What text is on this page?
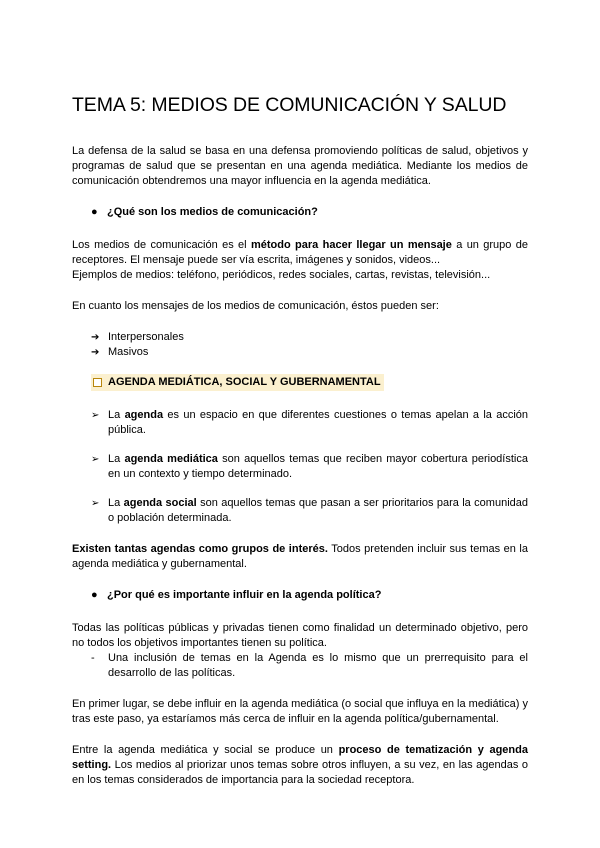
TEMA 5: MEDIOS DE COMUNICACIÓN Y SALUD

La defensa de la salud se basa en una defensa promoviendo políticas de salud, objetivos y programas de salud que se presentan en una agenda mediática. Mediante los medios de comunicación obtendremos una mayor influencia en la agenda mediática.

● ¿Qué son los medios de comunicación?

Los medios de comunicación es el método para hacer llegar un mensaje a un grupo de receptores. El mensaje puede ser vía escrita, imágenes y sonidos, videos...
Ejemplos de medios: teléfono, periódicos, redes sociales, cartas, revistas, televisión...

En cuanto los mensajes de los medios de comunicación, éstos pueden ser:

➔ Interpersonales
➔ Masivos
AGENDA MEDIÁTICA, SOCIAL Y GUBERNAMENTAL
➢ La agenda es un espacio en que diferentes cuestiones o temas apelan a la acción pública.
➢ La agenda mediática son aquellos temas que reciben mayor cobertura periodística en un contexto y tiempo determinado.
➢ La agenda social son aquellos temas que pasan a ser prioritarios para la comunidad o población determinada.

Existen tantas agendas como grupos de interés. Todos pretenden incluir sus temas en la agenda mediática y gubernamental.

● ¿Por qué es importante influir en la agenda política?

Todas las políticas públicas y privadas tienen como finalidad un determinado objetivo, pero no todos los objetivos importantes tienen su política.

- Una inclusión de temas en la Agenda es lo mismo que un prerrequisito para el desarrollo de las políticas.

En primer lugar, se debe influir en la agenda mediática (o social que influya en la mediática) y tras este paso, ya estaríamos más cerca de influir en la agenda política/gubernamental.

Entre la agenda mediática y social se produce un proceso de tematización y agenda setting. Los medios al priorizar unos temas sobre otros influyen, a su vez, en las agendas o en los temas considerados de importancia para la sociedad receptora.
